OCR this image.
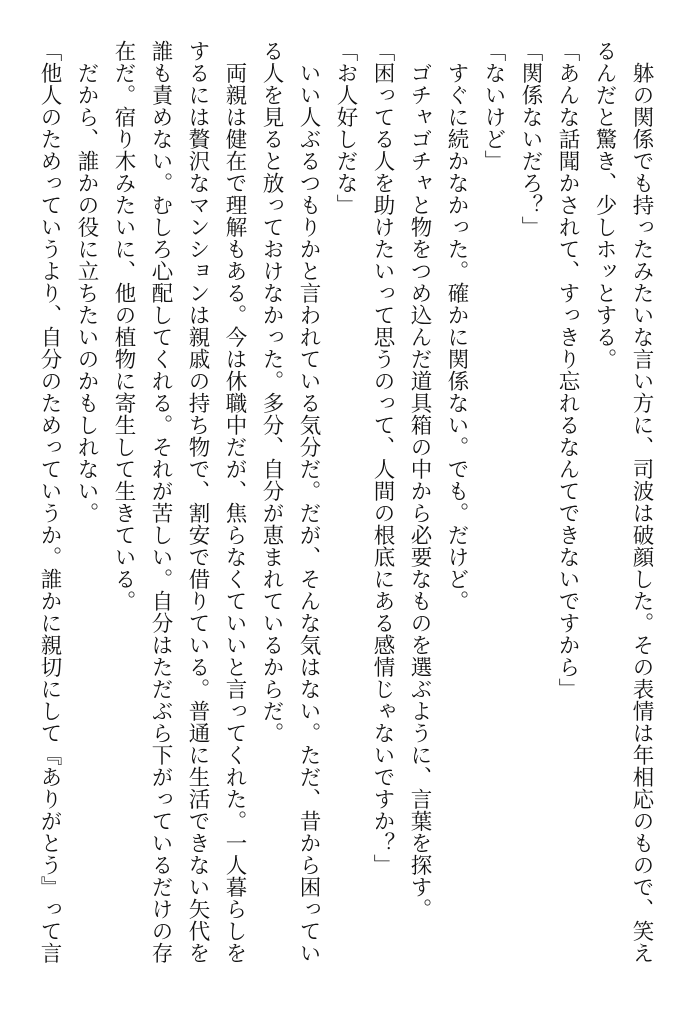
躰の関係でも持ったみたいな言い方に、司波は破顔した。その表情は年相応のもので、笑えるんだと驚き、少しホッとする。

「あんな話聞かされて、すっきり忘れるなんてできないですから」

「関係ないだろ？」

「ないけど」

すぐに続かなかった。確かに関係ない。でも。だけど。

ゴチャゴチャと物をつめ込んだ道具箱の中から必要なものを選ぶように、言葉を探す。

「困ってる人を助けたいって思うのって、人間の根底にある感情じゃないですか？」

「お人好しだな」

いい人ぶるつもりかと言われている気分だ。だが、そんな気はない。ただ、昔から困っている人を見ると放っておけなかった。多分、自分が恵まれているからだ。

両親は健在で理解もある。今は休職中だが、焦らなくていいと言ってくれた。一人暮らしをするには贅沢なマンションは親戚の持ち物で、割安で借りている。普通に生活できない矢代を誰も責めない。むしろ心配してくれる。それが苦しい。自分はただぶら下がっているだけの存在だ。宿り木みたいに、他の植物に寄生して生きている。

だから、誰かの役に立ちたいのかもしれない。

「他人のためっていうより、自分のためっていうか。誰かに親切にして『ありがとう』って言
